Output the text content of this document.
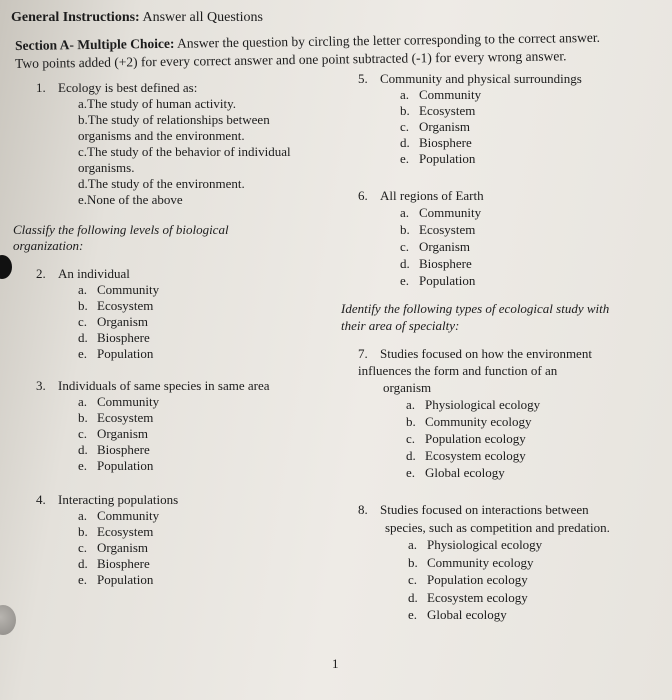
General Instructions: Answer all Questions
Section A- Multiple Choice: Answer the question by circling the letter corresponding to the correct answer.
Two points added (+2) for every correct answer and one point subtracted (-1) for every wrong answer.
1. Ecology is best defined as:
a.The study of human activity.
b.The study of relationships between
organisms and the environment.
c.The study of the behavior of individual
organisms.
d.The study of the environment.
e.None of the above
Classify the following levels of biological
organization:
2. An individual
a. Community
b. Ecosystem
c. Organism
d. Biosphere
e. Population
3. Individuals of same species in same area
a. Community
b. Ecosystem
c. Organism
d. Biosphere
e. Population
4. Interacting populations
a. Community
b. Ecosystem
c. Organism
d. Biosphere
e. Population
5. Community and physical surroundings
a. Community
b. Ecosystem
c. Organism
d. Biosphere
e. Population
6. All regions of Earth
a. Community
b. Ecosystem
c. Organism
d. Biosphere
e. Population
Identify the following types of ecological study with
their area of specialty:
7. Studies focused on how the environment
influences the form and function of an
organism
a. Physiological ecology
b. Community ecology
c. Population ecology
d. Ecosystem ecology
e. Global ecology
8. Studies focused on interactions between
species, such as competition and predation.
a. Physiological ecology
b. Community ecology
c. Population ecology
d. Ecosystem ecology
e. Global ecology
1
